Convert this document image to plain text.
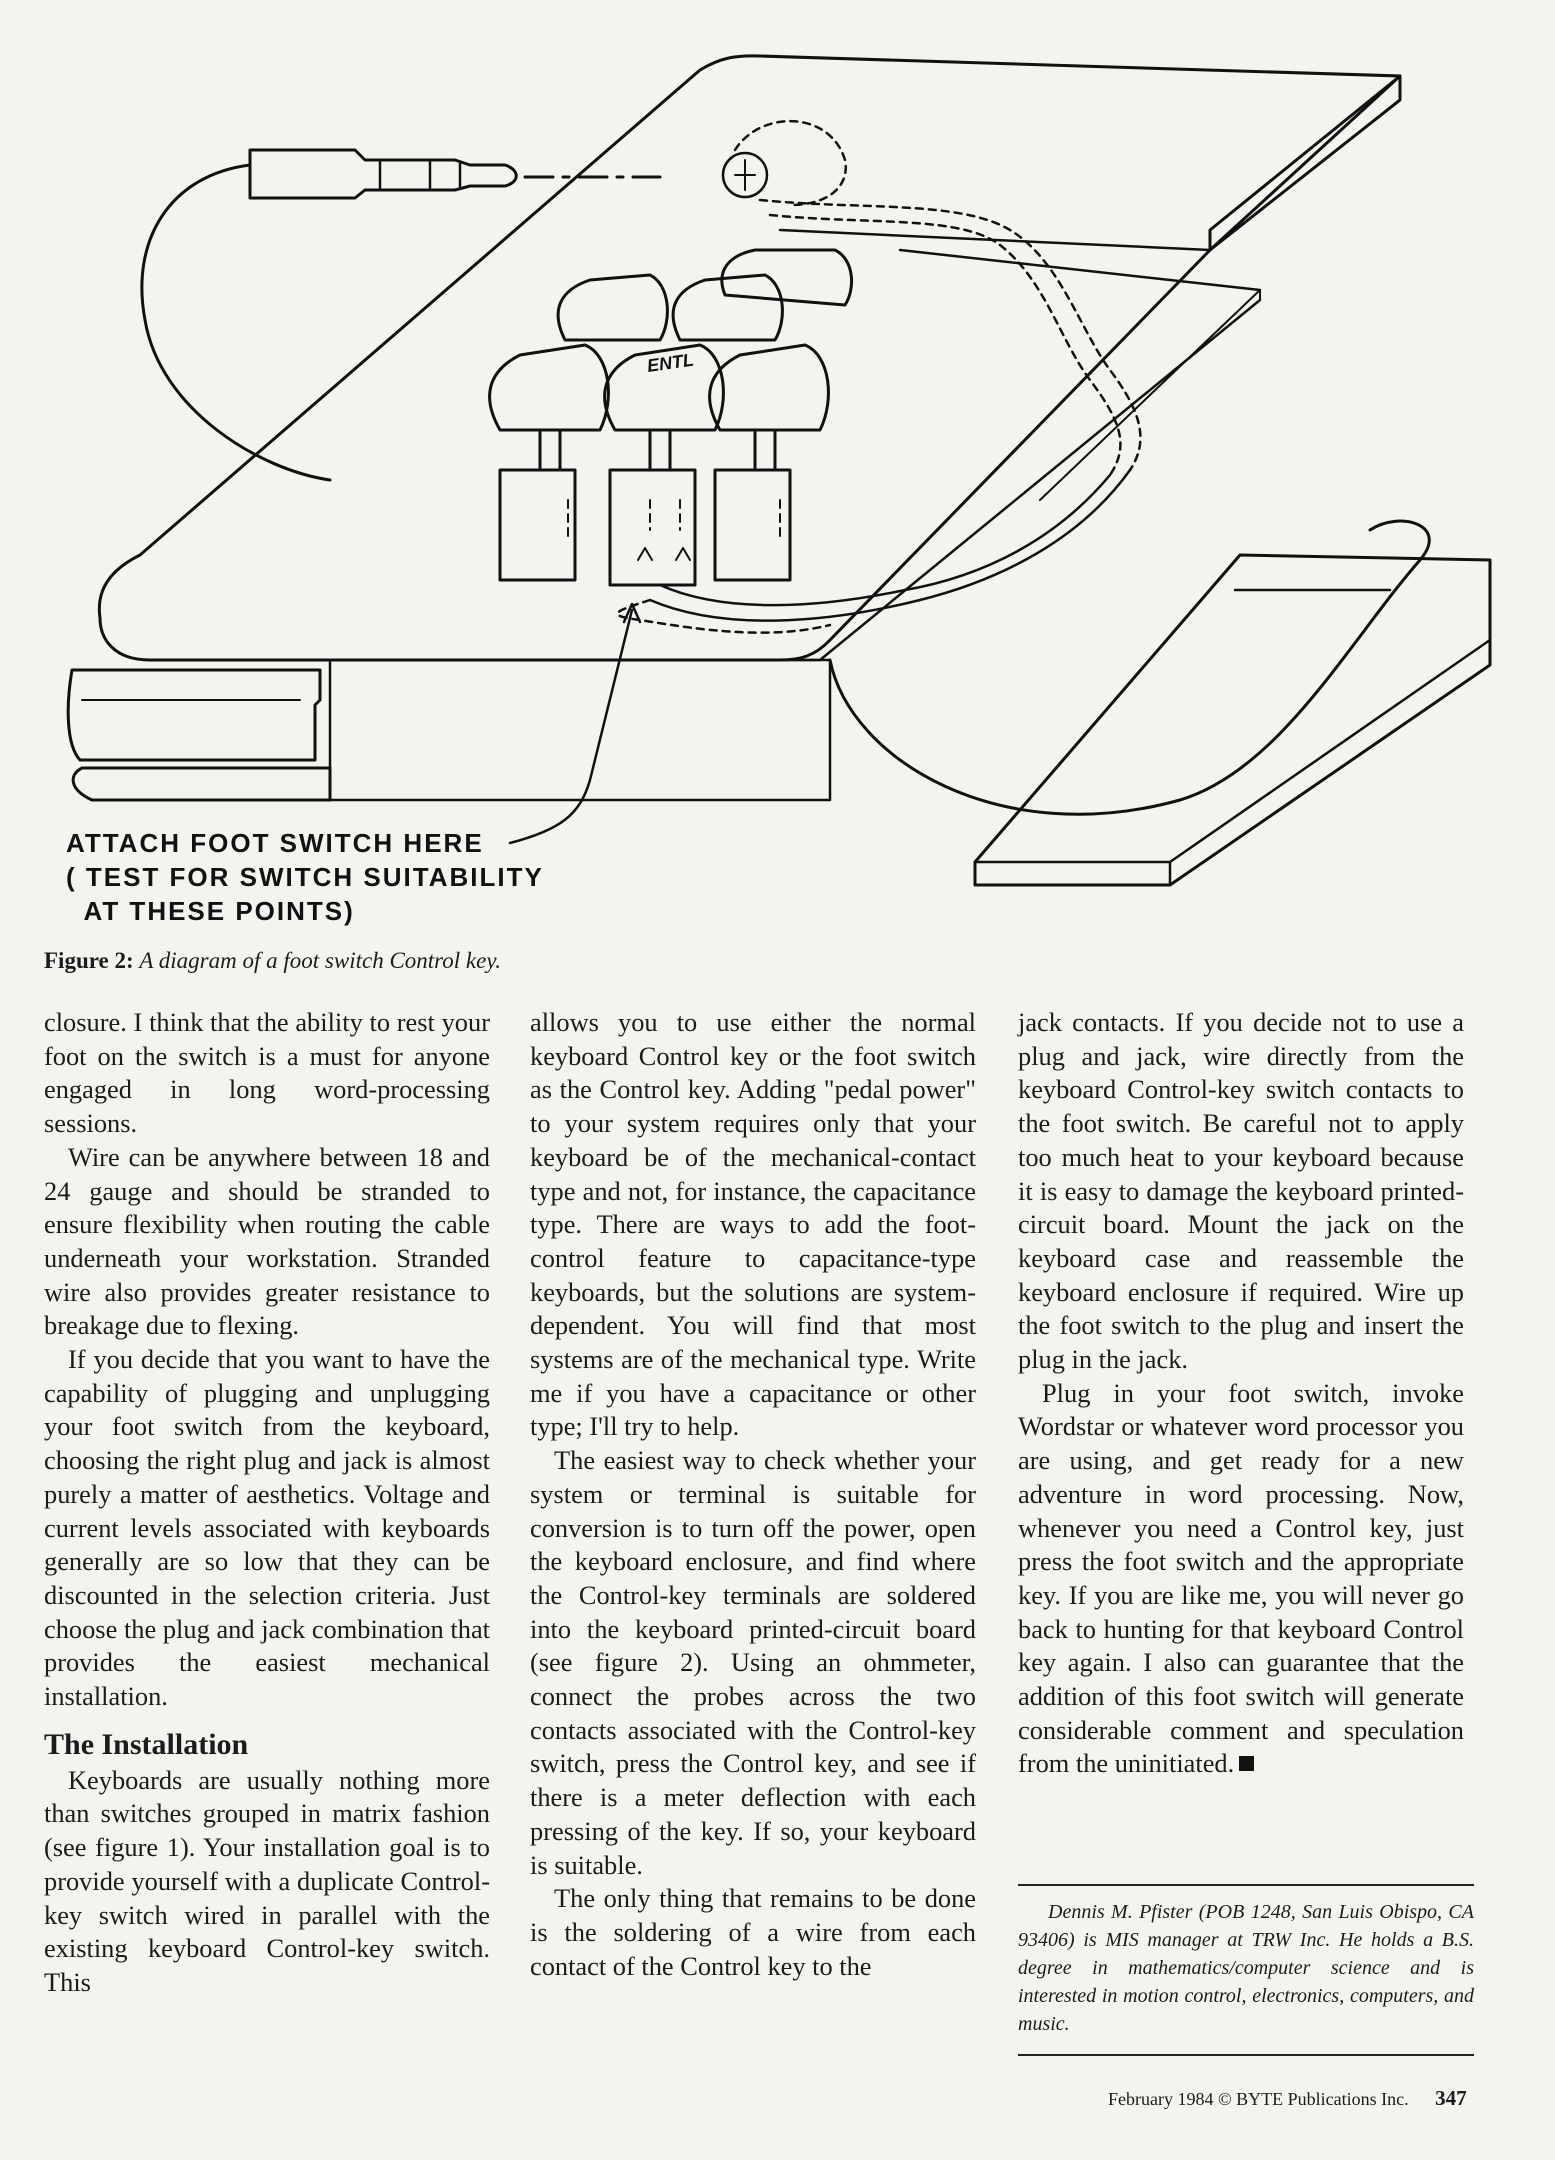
ENTL
ATTACH FOOT SWITCH HERE
( TEST FOR SWITCH SUITABILITY
AT THESE POINTS)
Figure 2: A diagram of a foot switch Control key.

closure. I think that the ability to rest your foot on the switch is a must for anyone engaged in long word-processing sessions.

Wire can be anywhere between 18 and 24 gauge and should be stranded to ensure flexibility when routing the cable underneath your workstation. Stranded wire also provides greater resistance to breakage due to flexing.

If you decide that you want to have the capability of plugging and unplugging your foot switch from the keyboard, choosing the right plug and jack is almost purely a matter of aesthetics. Voltage and current levels associated with keyboards generally are so low that they can be discounted in the selection criteria. Just choose the plug and jack combination that provides the easiest mechanical installation.

The Installation

Keyboards are usually nothing more than switches grouped in matrix fashion (see figure 1). Your installation goal is to provide yourself with a duplicate Control-key switch wired in parallel with the existing keyboard Control-key switch. This

allows you to use either the normal keyboard Control key or the foot switch as the Control key. Adding "pedal power" to your system requires only that your keyboard be of the mechanical-contact type and not, for instance, the capacitance type. There are ways to add the foot-control feature to capacitance-type keyboards, but the solutions are system-dependent. You will find that most systems are of the mechanical type. Write me if you have a capacitance or other type; I'll try to help.

The easiest way to check whether your system or terminal is suitable for conversion is to turn off the power, open the keyboard enclosure, and find where the Control-key terminals are soldered into the keyboard printed-circuit board (see figure 2). Using an ohmmeter, connect the probes across the two contacts associated with the Control-key switch, press the Control key, and see if there is a meter deflection with each pressing of the key. If so, your keyboard is suitable.

The only thing that remains to be done is the soldering of a wire from each contact of the Control key to the

jack contacts. If you decide not to use a plug and jack, wire directly from the keyboard Control-key switch contacts to the foot switch. Be careful not to apply too much heat to your keyboard because it is easy to damage the keyboard printed-circuit board. Mount the jack on the keyboard case and reassemble the keyboard enclosure if required. Wire up the foot switch to the plug and insert the plug in the jack.

Plug in your foot switch, invoke Wordstar or whatever word processor you are using, and get ready for a new adventure in word processing. Now, whenever you need a Control key, just press the foot switch and the appropriate key. If you are like me, you will never go back to hunting for that keyboard Control key again. I also can guarantee that the addition of this foot switch will generate considerable comment and speculation from the uninitiated.

Dennis M. Pfister (POB 1248, San Luis Obispo, CA 93406) is MIS manager at TRW Inc. He holds a B.S. degree in mathematics/computer science and is interested in motion control, electronics, computers, and music.

February 1984 © BYTE Publications Inc. 347
